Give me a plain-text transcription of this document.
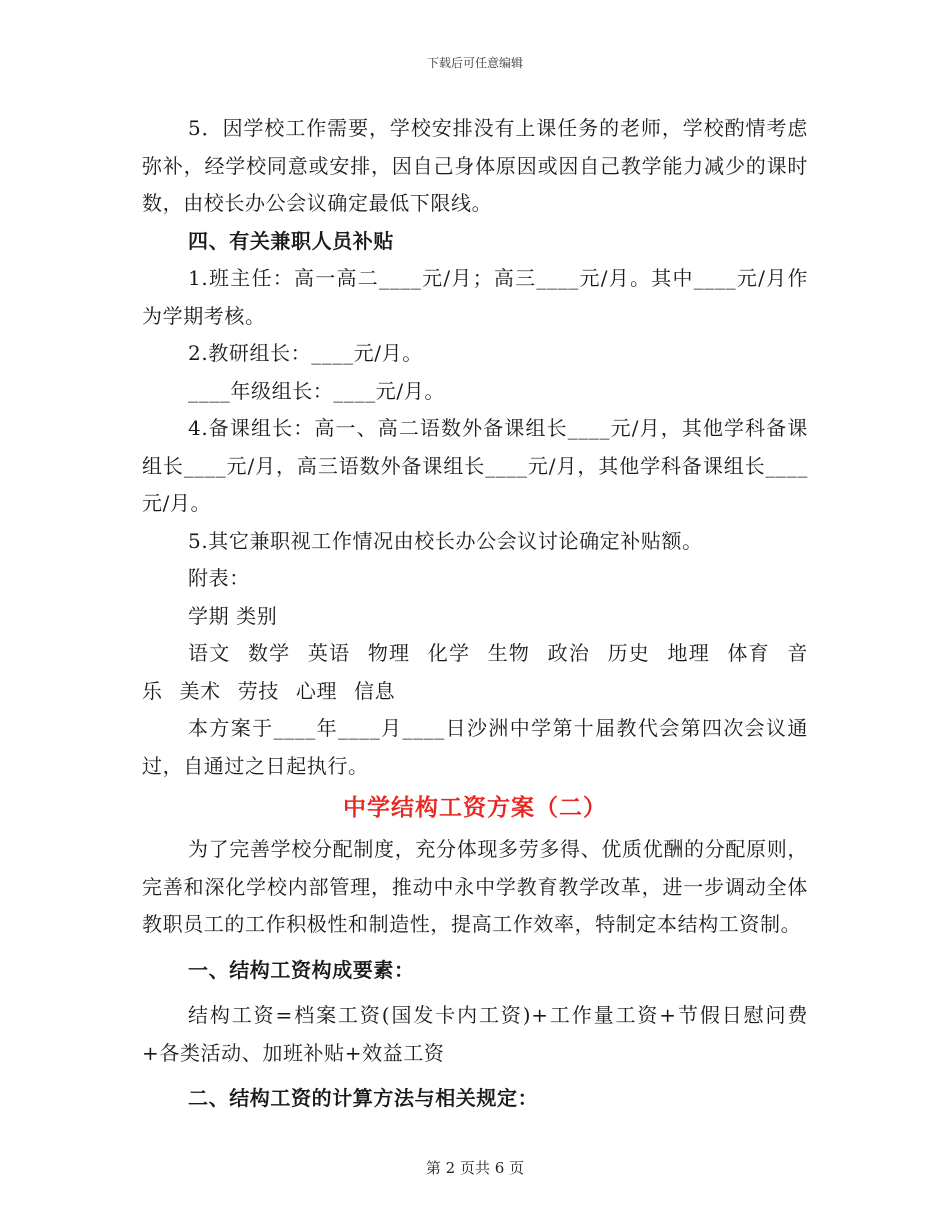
下载后可任意编辑

5．因学校工作需要，学校安排没有上课任务的老师，学校酌情考虑弥补，经学校同意或安排，因自己身体原因或因自己教学能力减少的课时数，由校长办公会议确定最低下限线。

四、有关兼职人员补贴

1.班主任：高一高二____元/月；高三____元/月。其中____元/月作为学期考核。

2.教研组长：____元/月。

____年级组长：____元/月。

4.备课组长：高一、高二语数外备课组长____元/月，其他学科备课组长____元/月，高三语数外备课组长____元/月，其他学科备课组长____元/月。

5.其它兼职视工作情况由校长办公会议讨论确定补贴额。

附表：

学期 类别

语文 数学 英语 物理 化学 生物 政治 历史 地理 体育 音乐 美术 劳技 心理 信息

本方案于____年____月____日沙洲中学第十届教代会第四次会议通过，自通过之日起执行。

中学结构工资方案（二）

为了完善学校分配制度，充分体现多劳多得、优质优酬的分配原则，完善和深化学校内部管理，推动中永中学教育教学改革，进一步调动全体教职员工的工作积极性和制造性，提高工作效率，特制定本结构工资制。

一、结构工资构成要素：

结构工资=档案工资(国发卡内工资)+工作量工资+节假日慰问费+各类活动、加班补贴+效益工资

二、结构工资的计算方法与相关规定：

第 2 页共 6 页
